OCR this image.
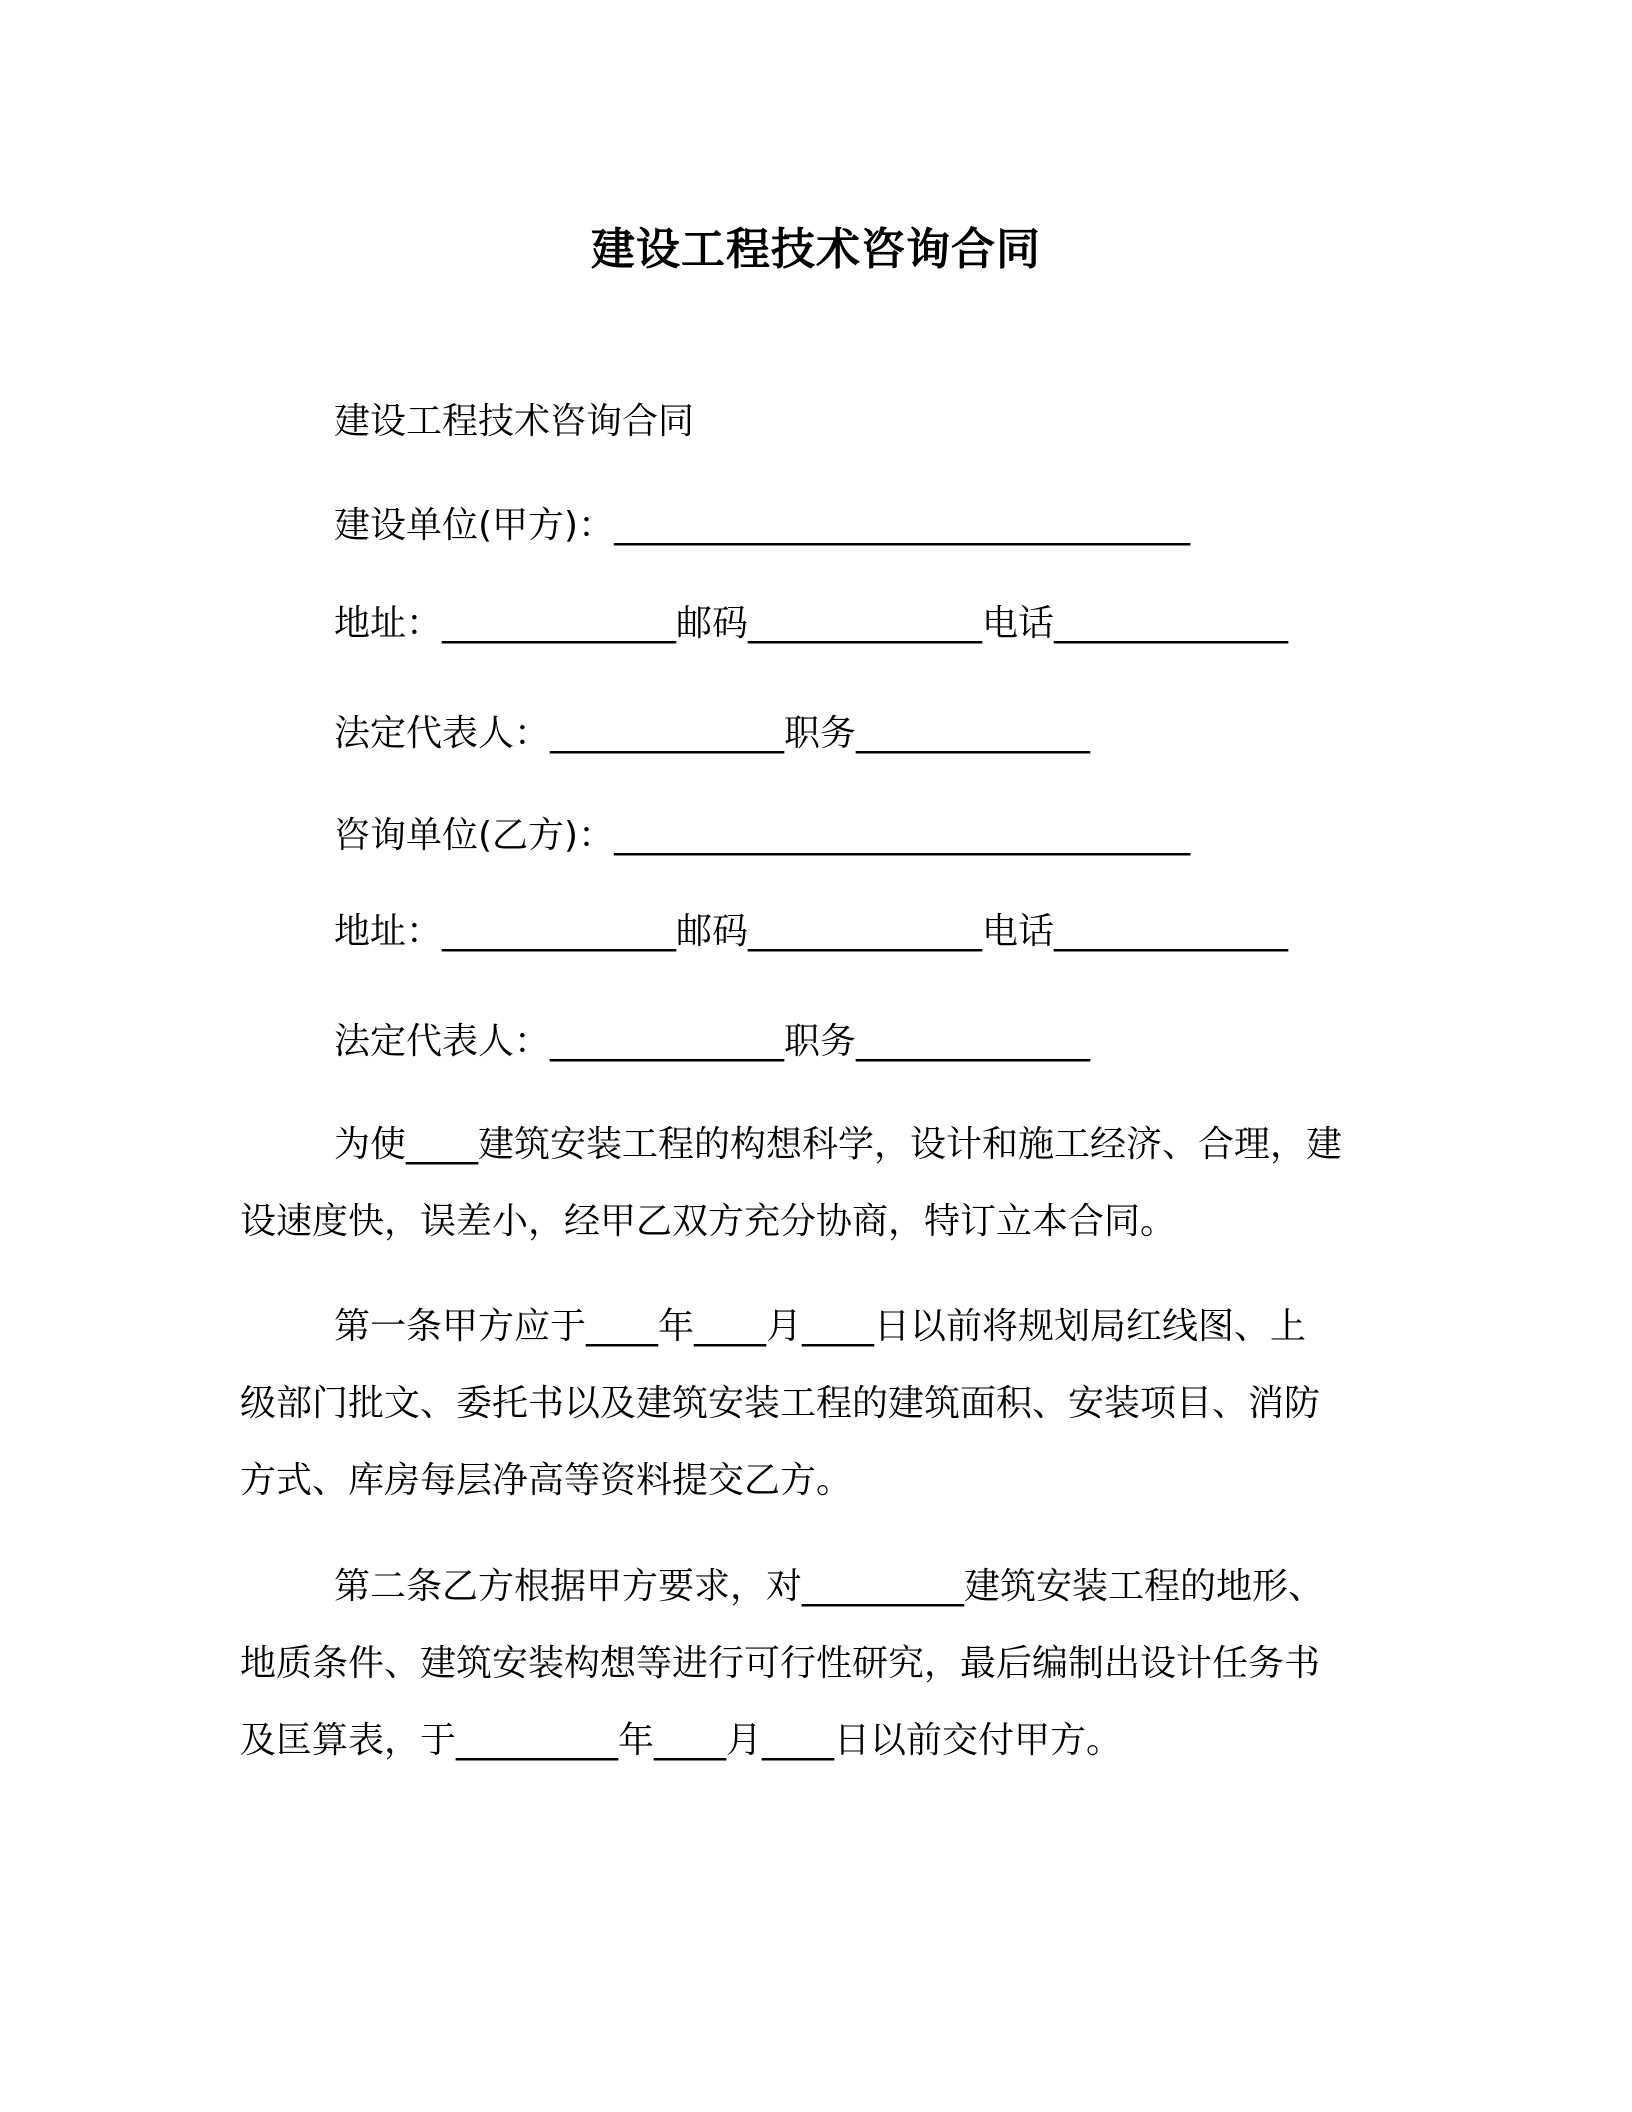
建设工程技术咨询合同
建设工程技术咨询合同
建设单位(甲方)：________________________________
地址：_____________邮码_____________电话_____________
法定代表人：_____________职务_____________
咨询单位(乙方)：________________________________
地址：_____________邮码_____________电话_____________
法定代表人：_____________职务_____________
为使____建筑安装工程的构想科学，设计和施工经济、合理，建
设速度快，误差小，经甲乙双方充分协商，特订立本合同。
第一条甲方应于____年____月____日以前将规划局红线图、上
级部门批文、委托书以及建筑安装工程的建筑面积、安装项目、消防
方式、库房每层净高等资料提交乙方。
第二条乙方根据甲方要求，对_________建筑安装工程的地形、
地质条件、建筑安装构想等进行可行性研究，最后编制出设计任务书
及匡算表，于_________年____月____日以前交付甲方。
